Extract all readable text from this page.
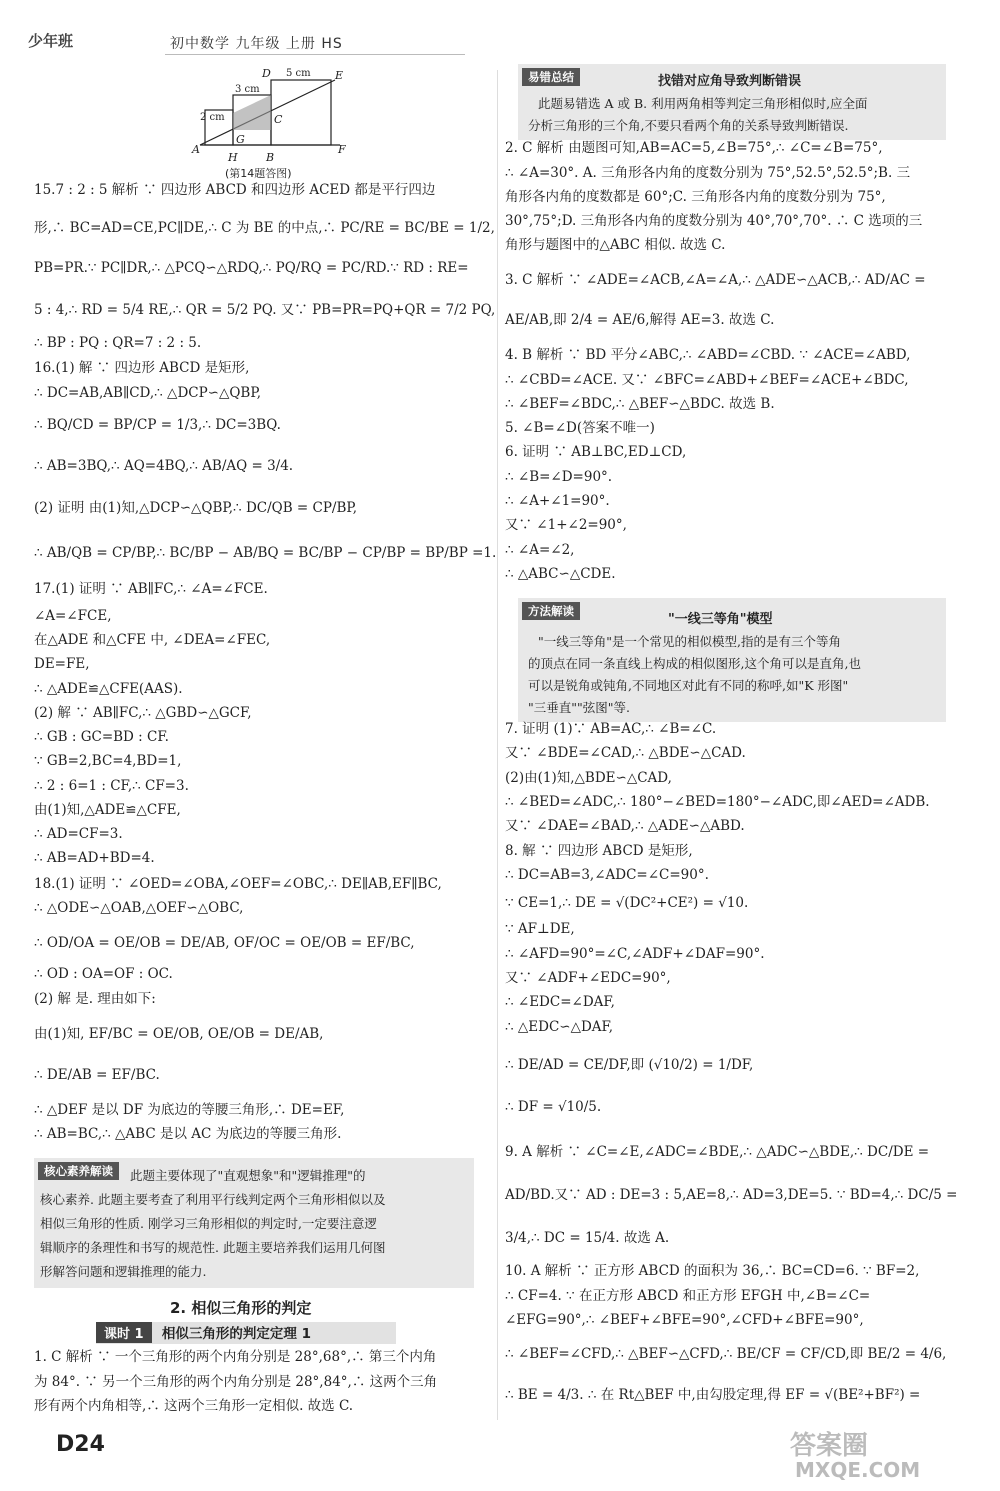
少年班	初中数学 九年级 上册 HS
D	E
C
G
A
H	B
F
5 cm
3 cm
2 cm
(第14题答图)
15.7 : 2 : 5 解析 ∵ 四边形 ABCD 和四边形 ACED 都是平行四边
形,∴ BC=AD=CE,PC∥DE,∴ C 为 BE 的中点,∴ PC/RE = BC/BE = 1/2,
PB=PR.∵ PC∥DR,∴ △PCQ∽△RDQ,∴ PQ/RQ = PC/RD.∵ RD : RE=
5 : 4,∴ RD = 5/4 RE,∴ QR = 5/2 PQ. 又∵ PB=PR=PQ+QR = 7/2 PQ,
∴ BP : PQ : QR=7 : 2 : 5.
16.(1) 解 ∵ 四边形 ABCD 是矩形,
∴ DC=AB,AB∥CD,∴ △DCP∽△QBP,
∴ BQ/CD = BP/CP = 1/3,∴ DC=3BQ.
∴ AB=3BQ,∴ AQ=4BQ,∴ AB/AQ = 3/4.
(2) 证明 由(1)知,△DCP∽△QBP,∴ DC/QB = CP/BP,
∴ AB/QB = CP/BP,∴ BC/BP − AB/BQ = BC/BP − CP/BP = BP/BP =1.
17.(1) 证明 ∵ AB∥FC,∴ ∠A=∠FCE.
∠A=∠FCE,
在△ADE 和△CFE 中, ∠DEA=∠FEC,
DE=FE,
∴ △ADE≌△CFE(AAS).
(2) 解 ∵ AB∥FC,∴ △GBD∽△GCF,
∴ GB : GC=BD : CF.
∵ GB=2,BC=4,BD=1,
∴ 2 : 6=1 : CF,∴ CF=3.
由(1)知,△ADE≌△CFE,
∴ AD=CF=3.
∴ AB=AD+BD=4.
18.(1) 证明 ∵ ∠OED=∠OBA,∠OEF=∠OBC,∴ DE∥AB,EF∥BC,
∴ △ODE∽△OAB,△OEF∽△OBC,
∴ OD/OA = OE/OB = DE/AB, OF/OC = OE/OB = EF/BC,
∴ OD : OA=OF : OC.
(2) 解 是. 理由如下:
由(1)知, EF/BC = OE/OB, OE/OB = DE/AB,
∴ DE/AB = EF/BC.
∴ △DEF 是以 DF 为底边的等腰三角形,∴ DE=EF,
∴ AB=BC,∴ △ABC 是以 AC 为底边的等腰三角形.
核心素养解读	此题主要体现了"直观想象"和"逻辑推理"的
核心素养. 此题主要考查了利用平行线判定两个三角形相似以及
相似三角形的性质. 刚学习三角形相似的判定时,一定要注意逻
辑顺序的条理性和书写的规范性. 此题主要培养我们运用几何图
形解答问题和逻辑推理的能力.
2. 相似三角形的判定
课时 1 相似三角形的判定定理 1
1. C 解析 ∵ 一个三角形的两个内角分别是 28°,68°,∴ 第三个内角
为 84°. ∵ 另一个三角形的两个内角分别是 28°,84°,∴ 这两个三角
形有两个内角相等,∴ 这两个三角形一定相似. 故选 C.
易错总结	找错对应角导致判断错误
此题易错选 A 或 B. 利用两角相等判定三角形相似时,应全面
分析三角形的三个角,不要只看两个角的关系导致判断错误.
2. C 解析 由题图可知,AB=AC=5,∠B=75°,∴ ∠C=∠B=75°,
∴ ∠A=30°. A. 三角形各内角的度数分别为 75°,52.5°,52.5°;B. 三
角形各内角的度数都是 60°;C. 三角形各内角的度数分别为 75°,
30°,75°;D. 三角形各内角的度数分别为 40°,70°,70°. ∴ C 选项的三
角形与题图中的△ABC 相似. 故选 C.
3. C 解析 ∵ ∠ADE=∠ACB,∠A=∠A,∴ △ADE∽△ACB,∴ AD/AC =
AE/AB,即 2/4 = AE/6,解得 AE=3. 故选 C.
4. B 解析 ∵ BD 平分∠ABC,∴ ∠ABD=∠CBD. ∵ ∠ACE=∠ABD,
∴ ∠CBD=∠ACE. 又∵ ∠BFC=∠ABD+∠BEF=∠ACE+∠BDC,
∴ ∠BEF=∠BDC,∴ △BEF∽△BDC. 故选 B.
5. ∠B=∠D(答案不唯一)
6. 证明 ∵ AB⊥BC,ED⊥CD,
∴ ∠B=∠D=90°.
∴ ∠A+∠1=90°.
又∵ ∠1+∠2=90°,
∴ ∠A=∠2,
∴ △ABC∽△CDE.
方法解读
"一线三等角"模型
"一线三等角"是一个常见的相似模型,指的是有三个等角
的顶点在同一条直线上构成的相似图形,这个角可以是直角,也
可以是锐角或钝角,不同地区对此有不同的称呼,如"K 形图"
"三垂直""弦图"等.
7. 证明 (1)∵ AB=AC,∴ ∠B=∠C.
又∵ ∠BDE=∠CAD,∴ △BDE∽△CAD.
(2)由(1)知,△BDE∽△CAD,
∴ ∠BED=∠ADC,∴ 180°−∠BED=180°−∠ADC,即∠AED=∠ADB.
又∵ ∠DAE=∠BAD,∴ △ADE∽△ABD.
8. 解 ∵ 四边形 ABCD 是矩形,
∴ DC=AB=3,∠ADC=∠C=90°.
∵ CE=1,∴ DE = √(DC²+CE²) = √10.
∵ AF⊥DE,
∴ ∠AFD=90°=∠C,∠ADF+∠DAF=90°.
又∵ ∠ADF+∠EDC=90°,
∴ ∠EDC=∠DAF,
∴ △EDC∽△DAF,
∴ DE/AD = CE/DF,即 (√10/2) = 1/DF,
∴ DF = √10/5.
9. A 解析 ∵ ∠C=∠E,∠ADC=∠BDE,∴ △ADC∽△BDE,∴ DC/DE =
AD/BD.又∵ AD : DE=3 : 5,AE=8,∴ AD=3,DE=5. ∵ BD=4,∴ DC/5 =
3/4,∴ DC = 15/4. 故选 A.
10. A 解析 ∵ 正方形 ABCD 的面积为 36,∴ BC=CD=6. ∵ BF=2,
∴ CF=4. ∵ 在正方形 ABCD 和正方形 EFGH 中,∠B=∠C=
∠EFG=90°,∴ ∠BEF+∠BFE=90°,∠CFD+∠BFE=90°,
∴ ∠BEF=∠CFD,∴ △BEF∽△CFD,∴ BE/CF = CF/CD,即 BE/2 = 4/6,
∴ BE = 4/3. ∴ 在 Rt△BEF 中,由勾股定理,得 EF = √(BE²+BF²) =
D24	答案圈
MXQE.COM
